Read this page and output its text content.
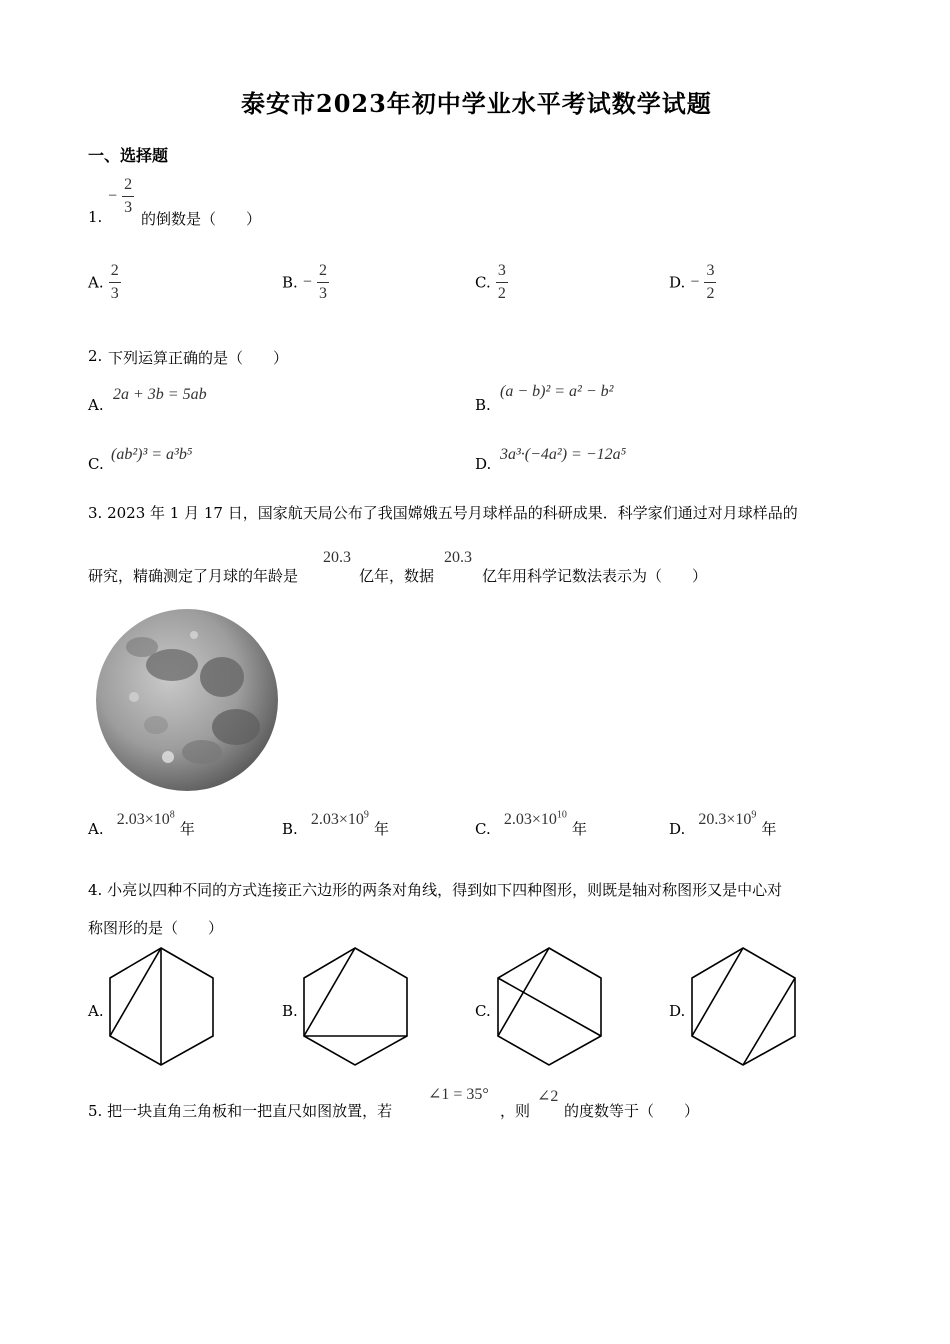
泰安市2023年初中学业水平考试数学试题
一、选择题
1.
− $\frac{2}{3}$
的倒数是（　　）
A. $\frac{2}{3}$	B. − $\frac{2}{3}$	C. $\frac{3}{2}$	D. − $\frac{3}{2}$
2. 下列运算正确的是（　　）
A.
2a + 3b = 5ab
B.
(a − b)² = a² − b²
C.
(ab²)³ = a³b⁵
D.
3a³·(−4a²) = −12a⁵
3. 2023 年 1 月 17 日，国家航天局公布了我国嫦娥五号月球样品的科研成果．科学家们通过对月球样品的
研究，精确测定了月球的年龄是
20.3
亿年，数据
20.3
亿年用科学记数法表示为（　　）
A. $2.03\times 10^8$ 年	B. $2.03\times 10^9$ 年	C. $2.03\times 10^{10}$ 年	D. $20.3\times 10^9$ 年
4. 小亮以四种不同的方式连接正六边形的两条对角线，得到如下四种图形，则既是轴对称图形又是中心对
称图形的是（　　）
A.	B.	C.	D.
5. 把一块直角三角板和一把直尺如图放置，若
∠1 = 35°
，则
∠2
的度数等于（　　）
